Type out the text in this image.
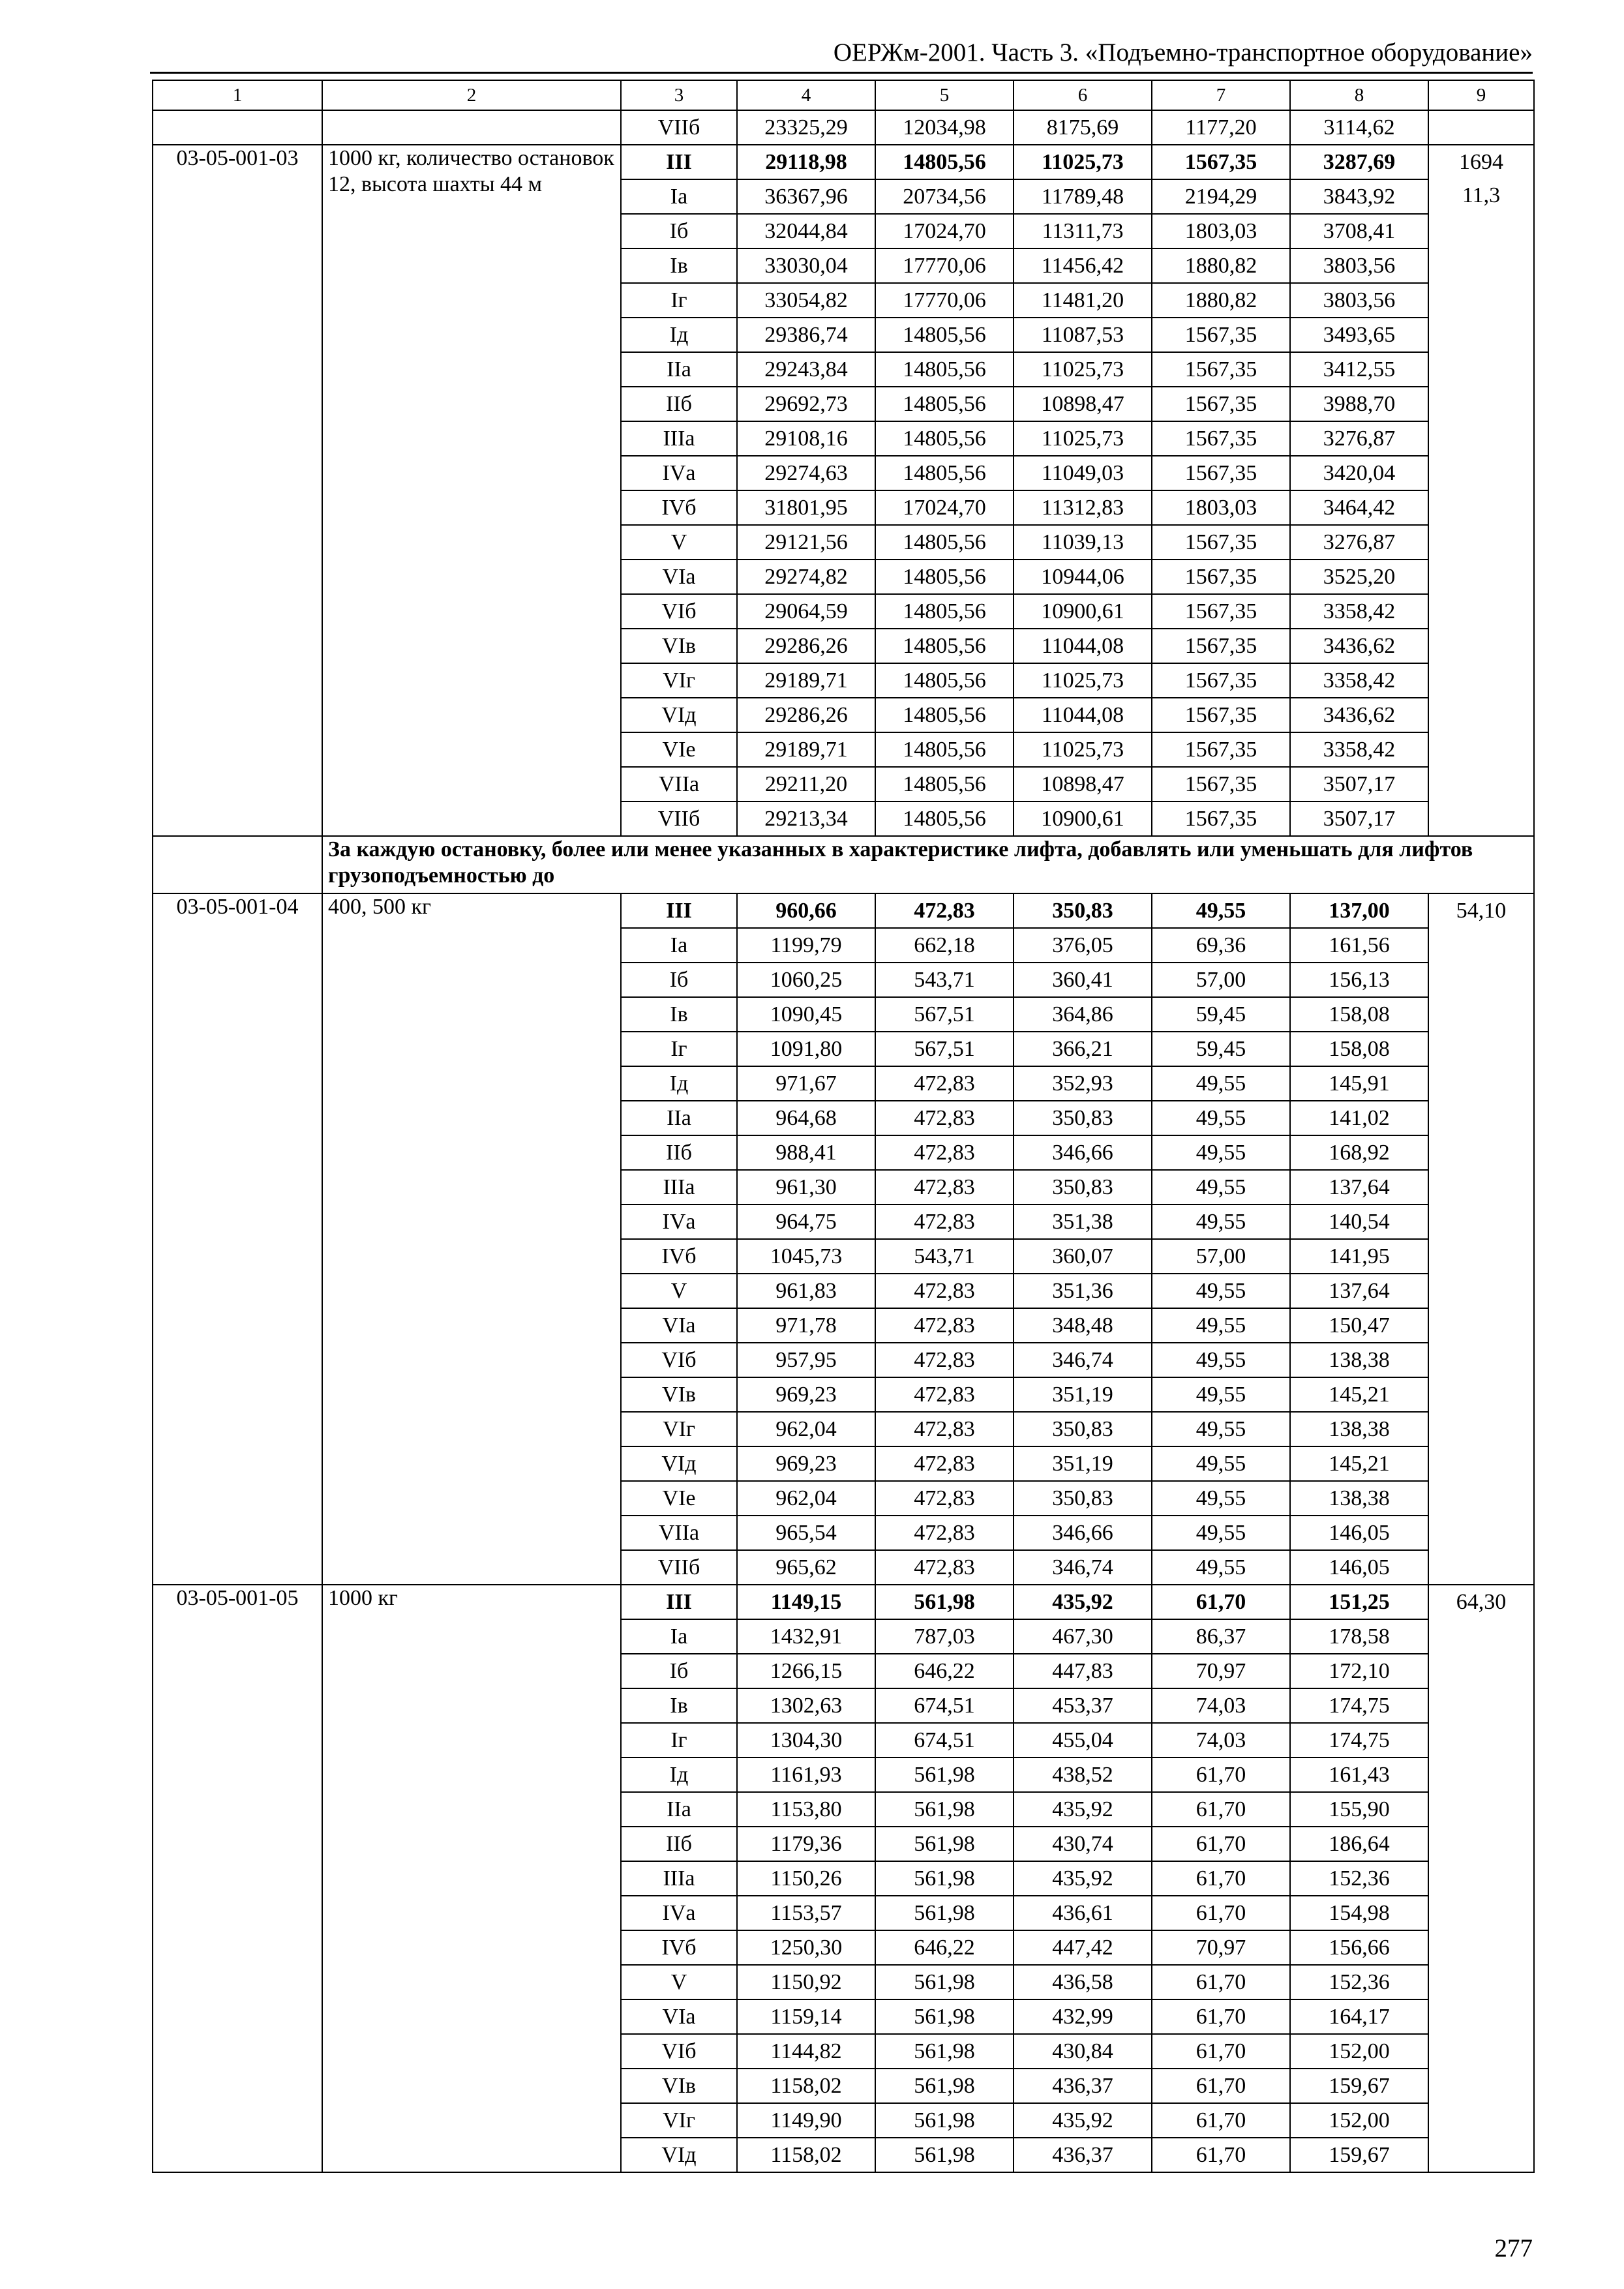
ОЕРЖм-2001. Часть 3. «Подъемно-транспортное оборудование»
1	2	3	4	5	6	7	8	9
		VIIб	23325,29	12034,98	8175,69	1177,20	3114,62	
03-05-001-03	1000 кг, количество остановок 12, высота шахты 44 м	III	29118,98	14805,56	11025,73	1567,35	3287,69	1694
11,3

		Iа	36367,96	20734,56	11789,48	2194,29	3843,92	
		Iб	32044,84	17024,70	11311,73	1803,03	3708,41	
		Iв	33030,04	17770,06	11456,42	1880,82	3803,56	
		Iг	33054,82	17770,06	11481,20	1880,82	3803,56	
		Iд	29386,74	14805,56	11087,53	1567,35	3493,65	
		IIа	29243,84	14805,56	11025,73	1567,35	3412,55	
		IIб	29692,73	14805,56	10898,47	1567,35	3988,70	
		IIIа	29108,16	14805,56	11025,73	1567,35	3276,87	
		IVа	29274,63	14805,56	11049,03	1567,35	3420,04	
		IVб	31801,95	17024,70	11312,83	1803,03	3464,42	
		V	29121,56	14805,56	11039,13	1567,35	3276,87	
		VIа	29274,82	14805,56	10944,06	1567,35	3525,20	
		VIб	29064,59	14805,56	10900,61	1567,35	3358,42	
		VIв	29286,26	14805,56	11044,08	1567,35	3436,62	
		VIг	29189,71	14805,56	11025,73	1567,35	3358,42	
		VIд	29286,26	14805,56	11044,08	1567,35	3436,62	
		VIе	29189,71	14805,56	11025,73	1567,35	3358,42	
		VIIа	29211,20	14805,56	10898,47	1567,35	3507,17	
		VIIб	29213,34	14805,56	10900,61	1567,35	3507,17	
	За каждую остановку, более или менее указанных в характеристике лифта, добавлять или уменьшать для лифтов грузоподъемностью до							
03-05-001-04	400, 500 кг	III	960,66	472,83	350,83	49,55	137,00	54,10

		Iа	1199,79	662,18	376,05	69,36	161,56	
		Iб	1060,25	543,71	360,41	57,00	156,13	
		Iв	1090,45	567,51	364,86	59,45	158,08	
		Iг	1091,80	567,51	366,21	59,45	158,08	
		Iд	971,67	472,83	352,93	49,55	145,91	
		IIа	964,68	472,83	350,83	49,55	141,02	
		IIб	988,41	472,83	346,66	49,55	168,92	
		IIIа	961,30	472,83	350,83	49,55	137,64	
		IVа	964,75	472,83	351,38	49,55	140,54	
		IVб	1045,73	543,71	360,07	57,00	141,95	
		V	961,83	472,83	351,36	49,55	137,64	
		VIа	971,78	472,83	348,48	49,55	150,47	
		VIб	957,95	472,83	346,74	49,55	138,38	
		VIв	969,23	472,83	351,19	49,55	145,21	
		VIг	962,04	472,83	350,83	49,55	138,38	
		VIд	969,23	472,83	351,19	49,55	145,21	
		VIе	962,04	472,83	350,83	49,55	138,38	
		VIIа	965,54	472,83	346,66	49,55	146,05	
		VIIб	965,62	472,83	346,74	49,55	146,05	
03-05-001-05	1000 кг	III	1149,15	561,98	435,92	61,70	151,25	64,30

		Iа	1432,91	787,03	467,30	86,37	178,58	
		Iб	1266,15	646,22	447,83	70,97	172,10	
		Iв	1302,63	674,51	453,37	74,03	174,75	
		Iг	1304,30	674,51	455,04	74,03	174,75	
		Iд	1161,93	561,98	438,52	61,70	161,43	
		IIа	1153,80	561,98	435,92	61,70	155,90	
		IIб	1179,36	561,98	430,74	61,70	186,64	
		IIIа	1150,26	561,98	435,92	61,70	152,36	
		IVа	1153,57	561,98	436,61	61,70	154,98	
		IVб	1250,30	646,22	447,42	70,97	156,66	
		V	1150,92	561,98	436,58	61,70	152,36	
		VIа	1159,14	561,98	432,99	61,70	164,17	
		VIб	1144,82	561,98	430,84	61,70	152,00	
		VIв	1158,02	561,98	436,37	61,70	159,67	
		VIг	1149,90	561,98	435,92	61,70	152,00	
		VIд	1158,02	561,98	436,37	61,70	159,67	
277
